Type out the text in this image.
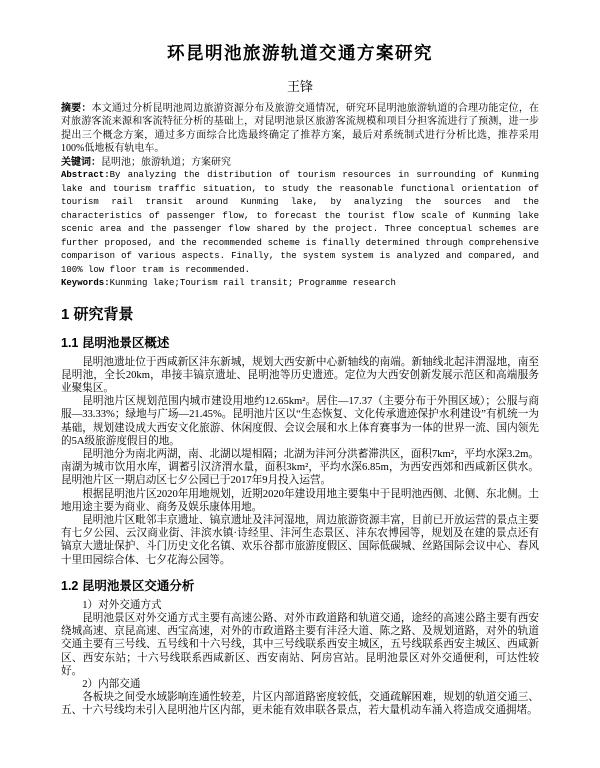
环昆明池旅游轨道交通方案研究
王锋

摘要：本文通过分析昆明池周边旅游资源分布及旅游交通情况，研究环昆明池旅游轨道的合理功能定位，在对旅游客流来源和客流特征分析的基础上，对昆明池景区旅游客流规模和项目分担客流进行了预测，进一步提出三个概念方案，通过多方面综合比选最终确定了推荐方案，最后对系统制式进行分析比选，推荐采用100%低地板有轨电车。

关键词：昆明池；旅游轨道；方案研究

Abstract:By analyzing the distribution of tourism resources in surrounding of Kunming lake and tourism traffic situation, to study the reasonable functional orientation of tourism rail transit around Kunming lake, by analyzing the sources and the characteristics of passenger flow, to forecast the tourist flow scale of Kunming lake scenic area and the passenger flow shared by the project. Three conceptual schemes are further proposed, and the recommended scheme is finally determined through comprehensive comparison of various aspects. Finally, the system system is analyzed and compared, and 100% low floor tram is recommended.

Keywords:Kunming lake;Tourism rail transit; Programme research

1 研究背景
1.1 昆明池景区概述

昆明池遗址位于西咸新区沣东新城，规划大西安新中心新轴线的南端。新轴线北起沣渭湿地，南至昆明池，全长20km，串接丰镐京遗址、昆明池等历史遗迹。定位为大西安创新发展示范区和高端服务业聚集区。

昆明池片区规划范围内城市建设用地约12.65km²。居住—17.37（主要分布于外围区域）；公服与商服—33.33%；绿地与广场—21.45%。昆明池片区以“生态恢复、文化传承遗迹保护水利建设”有机统一为基础，规划建设成大西安文化旅游、休闲度假、会议会展和水上体育赛事为一体的世界一流、国内领先的5A级旅游度假目的地。

昆明池分为南北两湖，南、北湖以堤相隔；北湖为沣河分洪蓄滞洪区，面积7km²，平均水深3.2m。南湖为城市饮用水库，调蓄引汉济渭水量，面积3km²，平均水深6.85m，为西安西郊和西咸新区供水。昆明池片区一期启动区七夕公园已于2017年9月投入运营。

根据昆明池片区2020年用地规划，近期2020年建设用地主要集中于昆明池西侧、北侧、东北侧。土地用途主要为商业、商务及娱乐康体用地。

昆明池片区毗邻丰京遗址、镐京遗址及沣河湿地，周边旅游资源丰富，目前已开放运营的景点主要有七夕公园、云汉商业街、沣滨水镇·诗经里、沣河生态景区、沣东农博园等，规划及在建的景点还有镐京大遗址保护、斗门历史文化名镇、欢乐谷都市旅游度假区、国际低碳城、丝路国际会议中心、春风十里田园综合体、七夕花海公园等。

1.2 昆明池景区交通分析

1）对外交通方式

昆明池景区对外交通方式主要有高速公路、对外市政道路和轨道交通，途经的高速公路主要有西安绕城高速、京昆高速、西宝高速，对外的市政道路主要有沣泾大道、陈之路、及规划道路，对外的轨道交通主要有三号线、五号线和十六号线，其中三号线联系西安主城区，五号线联系西安主城区、西咸新区、西安东站；十六号线联系西咸新区、西安南站、阿房宫站。昆明池景区对外交通便利，可达性较好。

2）内部交通

各板块之间受水域影响连通性较差，片区内部道路密度较低，交通疏解困难，规划的轨道交通三、五、十六号线均未引入昆明池片区内部，更未能有效串联各景点，若大量机动车涌入将造成交通拥堵。
